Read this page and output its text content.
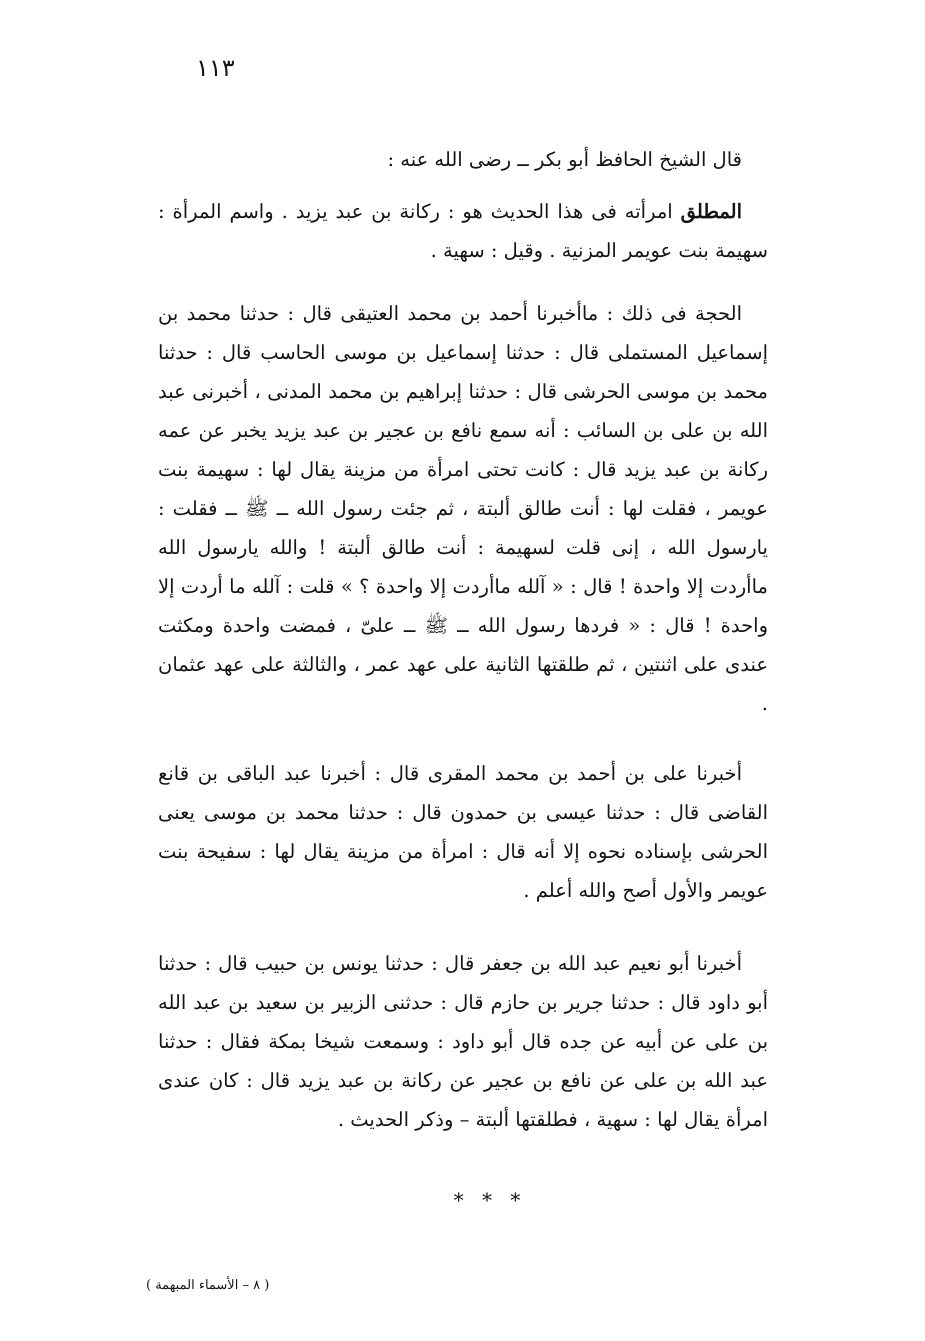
١١٣
قال الشيخ الحافظ أبو بكر ــ رضى الله عنه :
المطلق امرأته فى هذا الحديث هو : ركانة بن عبد يزيد . واسم المرأة : سهيمة بنت عويمر المزنية . وقيل : سهية .
الحجة فى ذلك : ماأخبرنا أحمد بن محمد العتيقى قال : حدثنا محمد بن إسماعيل المستملى قال : حدثنا إسماعيل بن موسى الحاسب قال : حدثنا محمد بن موسى الحرشى قال : حدثنا إبراهيم بن محمد المدنى ، أخبرنى عبد الله بن على بن السائب : أنه سمع نافع بن عجير بن عبد يزيد يخبر عن عمه ركانة بن عبد يزيد قال : كانت تحتى امرأة من مزينة يقال لها : سهيمة بنت عويمر ، فقلت لها : أنت طالق ألبتة ، ثم جئت رسول الله ــ ﷺ ــ فقلت : يارسول الله ، إنى قلت لسهيمة : أنت طالق ألبتة ! والله يارسول الله ماأردت إلا واحدة ! قال : « آلله ماأردت إلا واحدة ؟ » قلت : آلله ما أردت إلا واحدة ! قال : « فردها رسول الله ــ ﷺ ــ علىّ ، فمضت واحدة ومكثت عندى على اثنتين ، ثم طلقتها الثانية على عهد عمر ، والثالثة على عهد عثمان .
أخبرنا على بن أحمد بن محمد المقرى قال : أخبرنا عبد الباقى بن قانع القاضى قال : حدثنا عيسى بن حمدون قال : حدثنا محمد بن موسى يعنى الحرشى بإسناده نحوه إلا أنه قال : امرأة من مزينة يقال لها : سفيحة بنت عويمر والأول أصح والله أعلم .
أخبرنا أبو نعيم عبد الله بن جعفر قال : حدثنا يونس بن حبيب قال : حدثنا أبو داود قال : حدثنا جرير بن حازم قال : حدثنى الزبير بن سعيد بن عبد الله بن على عن أبيه عن جده قال أبو داود : وسمعت شيخا بمكة فقال : حدثنا عبد الله بن على عن نافع بن عجير عن ركانة بن عبد يزيد قال : كان عندى امرأة يقال لها : سهية ، فطلقتها ألبتة – وذكر الحديث .
* * *
( ٨ – الأسماء المبهمة )
